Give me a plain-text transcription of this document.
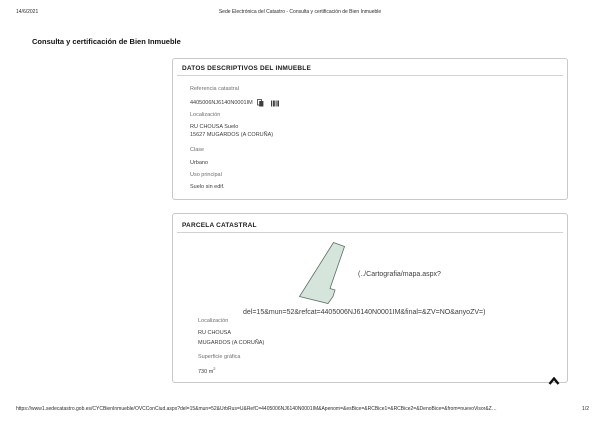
14/6/2021	Sede Electrónica del Catastro - Consulta y certificación de Bien Inmueble
Consulta y certificación de Bien Inmueble
DATOS DESCRIPTIVOS DEL INMUEBLE
Referencia catastral
4405006NJ6140N0001IM
Localización
RU CHOUSA Suelo
15627 MUGARDOS (A CORUÑA)
Clase
Urbano
Uso principal
Suelo sin edif.
PARCELA CATASTRAL
(../Cartografia/mapa.aspx?
del=15&mun=52&refcat=4405006NJ6140N0001IM&final=&ZV=NO&anyoZV=)
Localización
RU CHOUSA
MUGARDOS (A CORUÑA)
Superficie gráfica
730 $m^2$
https://www1.sedecatastro.gob.es/CYCBienInmueble/OVCConCiud.aspx?del=15&mun=52&UrbRus=U&RefC=4405006NJ6140N0001IM&Apenom=&esBice=&RCBice1=&RCBice2=&DenoBice=&from=nuevoVisor&Z…	1/2
